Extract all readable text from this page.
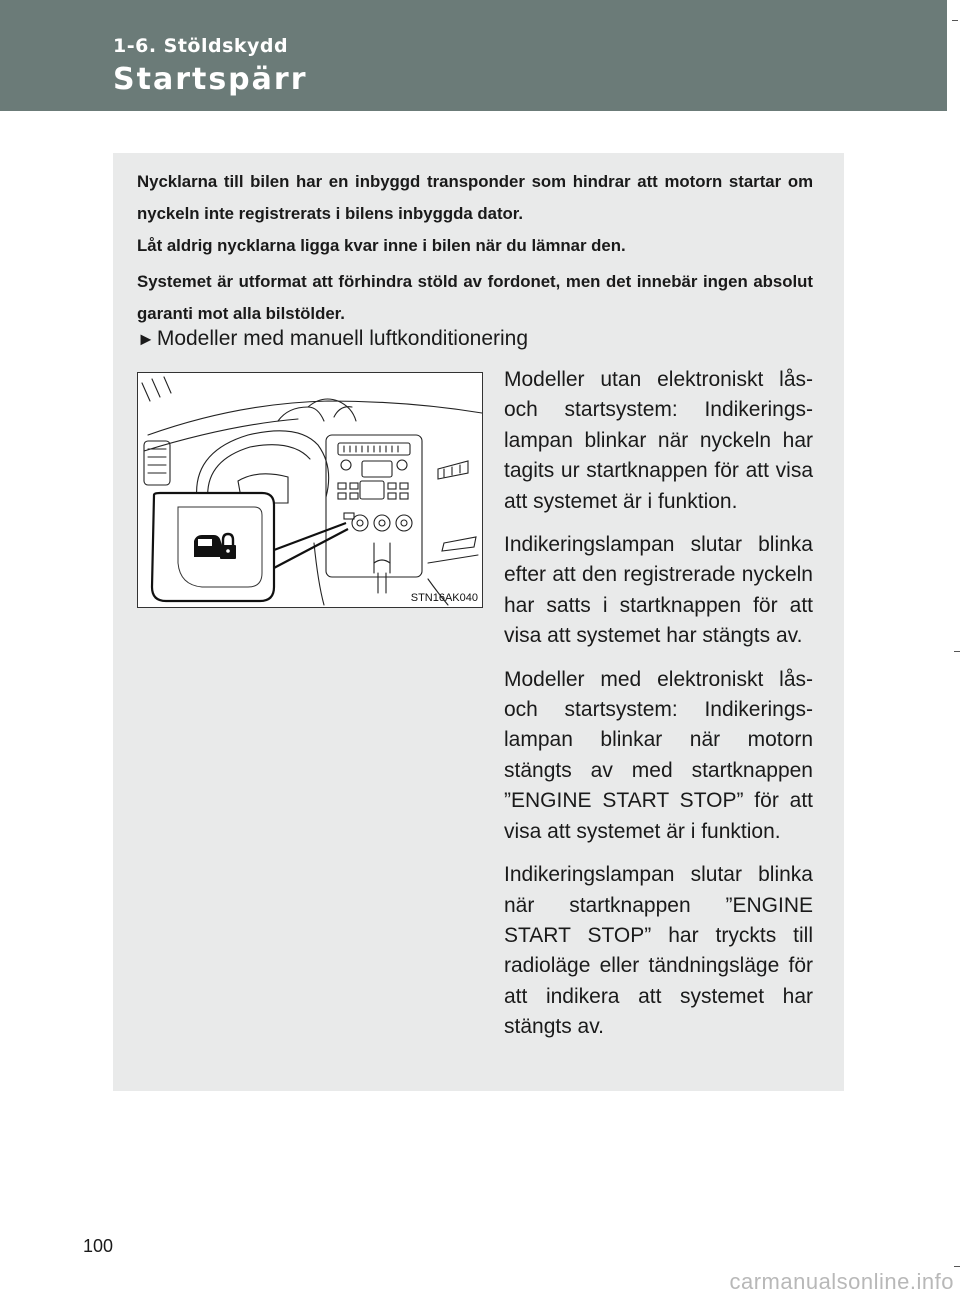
1-6. Stöldskydd
Startspärr

Nycklarna till bilen har en inbyggd transponder som hindrar att motorn startar om nyckeln inte registrerats i bilens inbyggda dator.

Låt aldrig nycklarna ligga kvar inne i bilen när du lämnar den.

Systemet är utformat att förhindra stöld av fordonet, men det innebär ingen absolut garanti mot alla bilstölder.

►Modeller med manuell luftkonditionering
STN16AK040

Modeller utan elektroniskt lås- och startsystem: Indikeringslampan blinkar när nyckeln har tagits ur startknappen för att visa att systemet är i funktion.

Indikeringslampan slutar blinka efter att den registrerade nyckeln har satts i startknappen för att visa att systemet har stängts av.

Modeller med elektroniskt lås- och startsystem: Indikeringslampan blinkar när motorn stängts av med startknappen ”ENGINE START STOP” för att visa att systemet är i funktion.

Indikeringslampan slutar blinka när startknappen ”ENGINE START STOP” har tryckts till radioläge eller tändningsläge för att indikera att systemet har stängts av.

100
carmanualsonline.info
